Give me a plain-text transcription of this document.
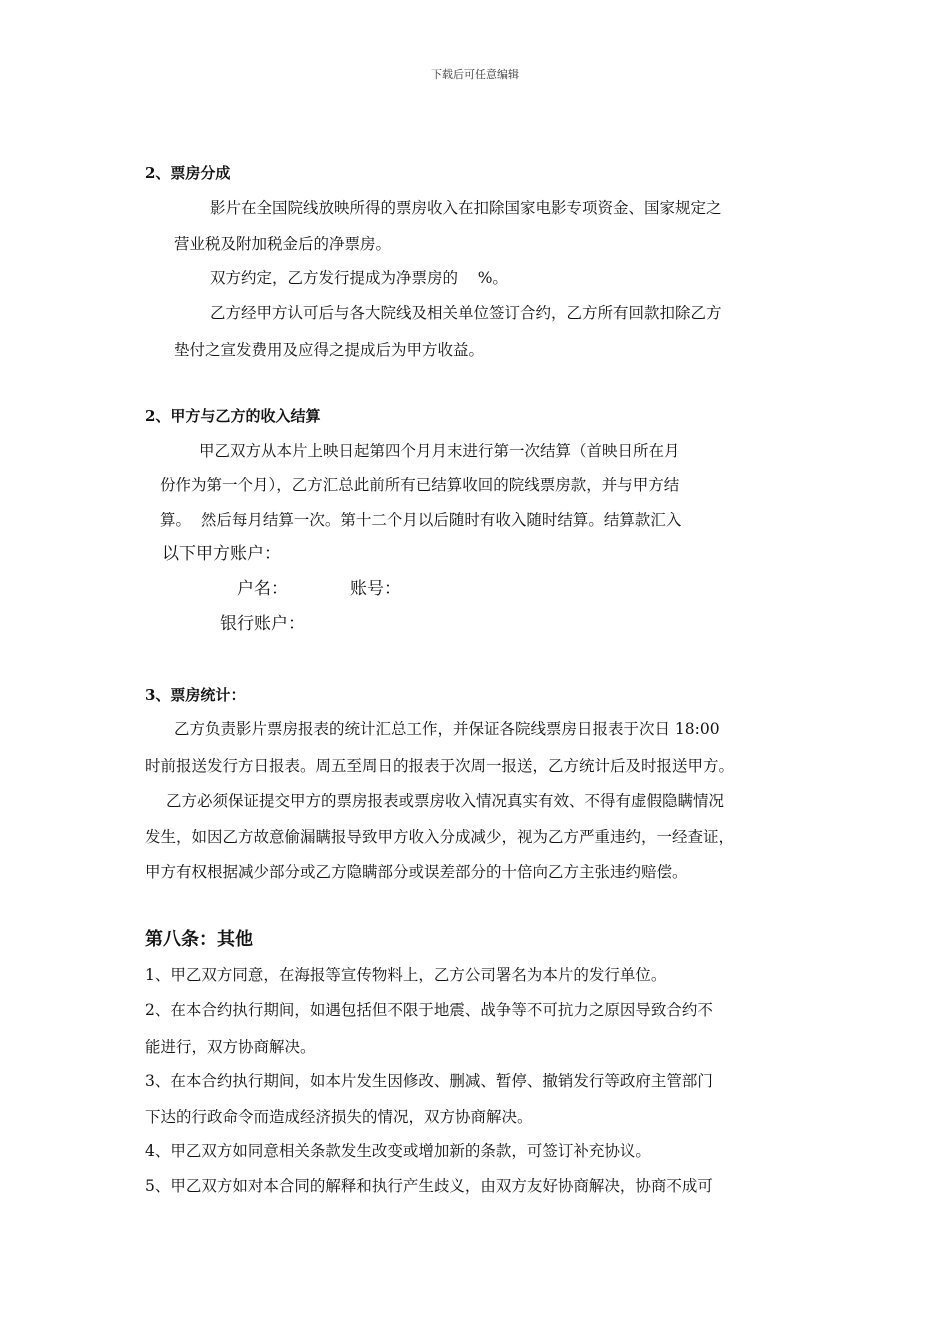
下载后可任意编辑
2、票房分成
影片在全国院线放映所得的票房收入在扣除国家电影专项资金、国家规定之
营业税及附加税金后的净票房。
双方约定，乙方发行提成为净票房的    %。
乙方经甲方认可后与各大院线及相关单位签订合约，乙方所有回款扣除乙方
垫付之宣发费用及应得之提成后为甲方收益。
2、甲方与乙方的收入结算
甲乙双方从本片上映日起第四个月月末进行第一次结算（首映日所在月
份作为第一个月），乙方汇总此前所有已结算收回的院线票房款，并与甲方结
算。  然后每月结算一次。第十二个月以后随时有收入随时结算。结算款汇入
以下甲方账户：
户名：	账号：
银行账户：
3、票房统计：
乙方负责影片票房报表的统计汇总工作，并保证各院线票房日报表于次日 18:00
时前报送发行方日报表。周五至周日的报表于次周一报送，乙方统计后及时报送甲方。
乙方必须保证提交甲方的票房报表或票房收入情况真实有效、不得有虚假隐瞒情况
发生，如因乙方故意偷漏瞒报导致甲方收入分成减少，视为乙方严重违约，一经查证，
甲方有权根据减少部分或乙方隐瞒部分或误差部分的十倍向乙方主张违约赔偿。
第八条：其他
1、甲乙双方同意，在海报等宣传物料上，乙方公司署名为本片的发行单位。
2、在本合约执行期间，如遇包括但不限于地震、战争等不可抗力之原因导致合约不
能进行，双方协商解决。
3、在本合约执行期间，如本片发生因修改、删减、暂停、撤销发行等政府主管部门
下达的行政命令而造成经济损失的情况，双方协商解决。
4、甲乙双方如同意相关条款发生改变或增加新的条款，可签订补充协议。
5、甲乙双方如对本合同的解释和执行产生歧义，由双方友好协商解决，协商不成可
